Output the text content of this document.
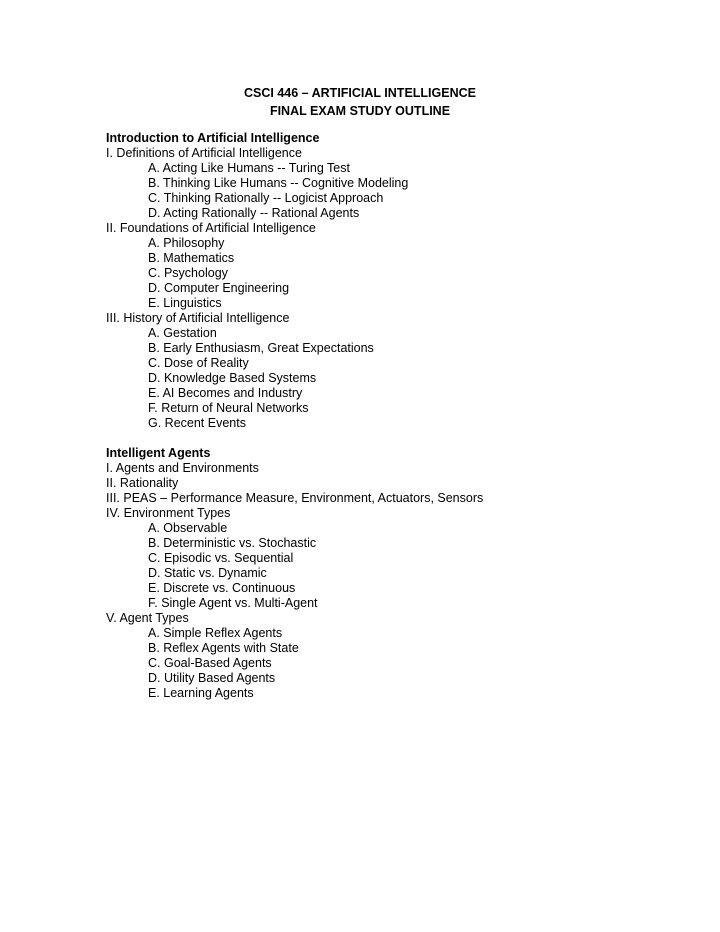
CSCI 446 – ARTIFICIAL INTELLIGENCE
FINAL EXAM STUDY OUTLINE
Introduction to Artificial Intelligence
I. Definitions of Artificial Intelligence
A. Acting Like Humans -- Turing Test
B. Thinking Like Humans -- Cognitive Modeling
C. Thinking Rationally -- Logicist Approach
D. Acting Rationally -- Rational Agents
II. Foundations of Artificial Intelligence
A. Philosophy
B. Mathematics
C. Psychology
D. Computer Engineering
E. Linguistics
III. History of Artificial Intelligence
A. Gestation
B. Early Enthusiasm, Great Expectations
C. Dose of Reality
D. Knowledge Based Systems
E. AI Becomes and Industry
F. Return of Neural Networks
G. Recent Events
Intelligent Agents
I. Agents and Environments
II. Rationality
III. PEAS – Performance Measure, Environment, Actuators, Sensors
IV. Environment Types
A. Observable
B. Deterministic vs. Stochastic
C. Episodic vs. Sequential
D. Static vs. Dynamic
E. Discrete vs. Continuous
F. Single Agent vs. Multi-Agent
V. Agent Types
A. Simple Reflex Agents
B. Reflex Agents with State
C. Goal-Based Agents
D. Utility Based Agents
E. Learning Agents
